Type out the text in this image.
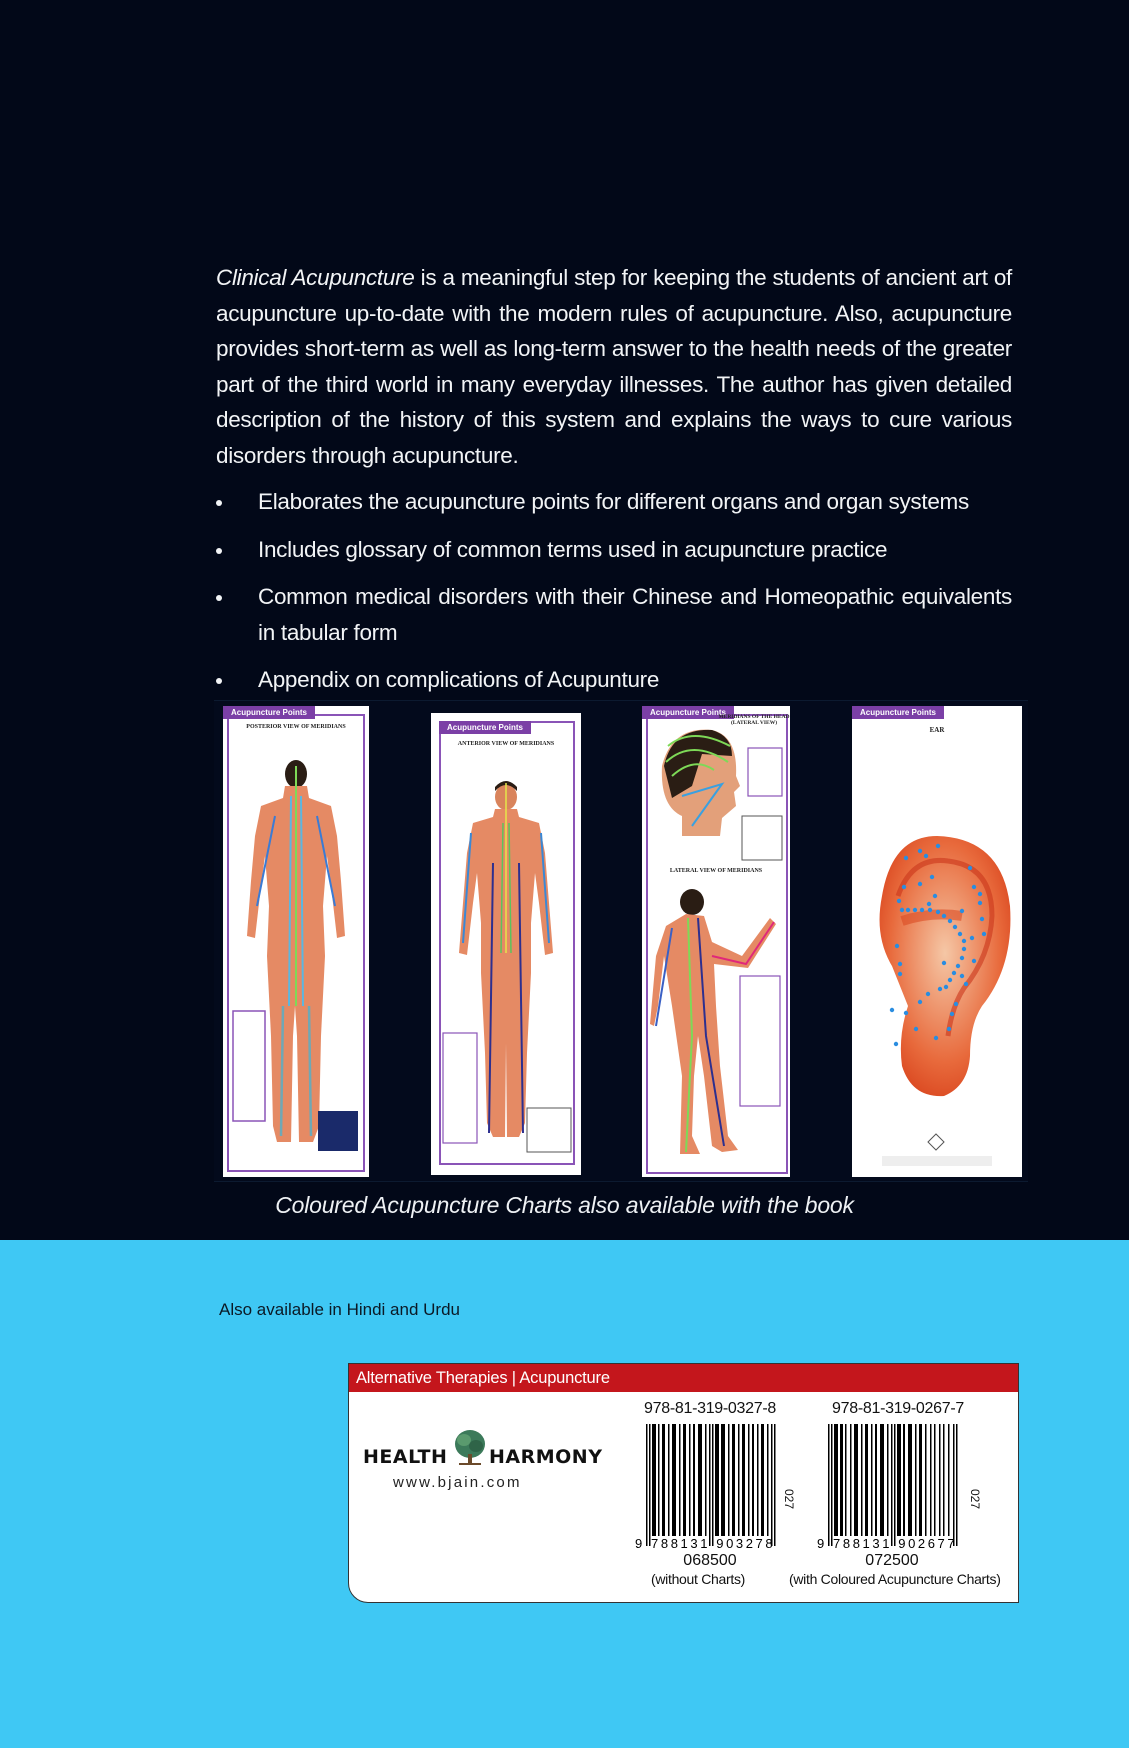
Clinical Acupuncture is a meaningful step for keeping the students of ancient art of acupuncture up-to-date with the modern rules of acupuncture. Also, acupuncture provides short-term as well as long-term answer to the health needs of the greater part of the third world in many everyday illnesses. The author has given detailed description of the history of this system and explains the ways to cure various disorders through acupuncture.
Elaborates the acupuncture points for different organs and organ systems
Includes glossary of common terms used in acupuncture practice
Common medical disorders with their Chinese and Homeopathic equivalents in tabular form
Appendix on complications of Acupunture
Acupuncture Points
POSTERIOR VIEW OF MERIDIANS	Acupuncture Points
ANTERIOR VIEW OF MERIDIANS
Acupuncture Points
MERIDIANS OF THE HEAD (LATERAL VIEW)
LATERAL VIEW OF MERIDIANS
Acupuncture Points
EAR
Coloured Acupuncture Charts also available with the book
Also available in Hindi and Urdu
Alternative Therapies | Acupuncture
HEALTH HARMONY
www.bjain.com
978-81-319-0327-8
9 788131 903278
027
068500
(without Charts)
978-81-319-0267-7
9 788131 902677
027
072500
(with Coloured Acupuncture Charts)
